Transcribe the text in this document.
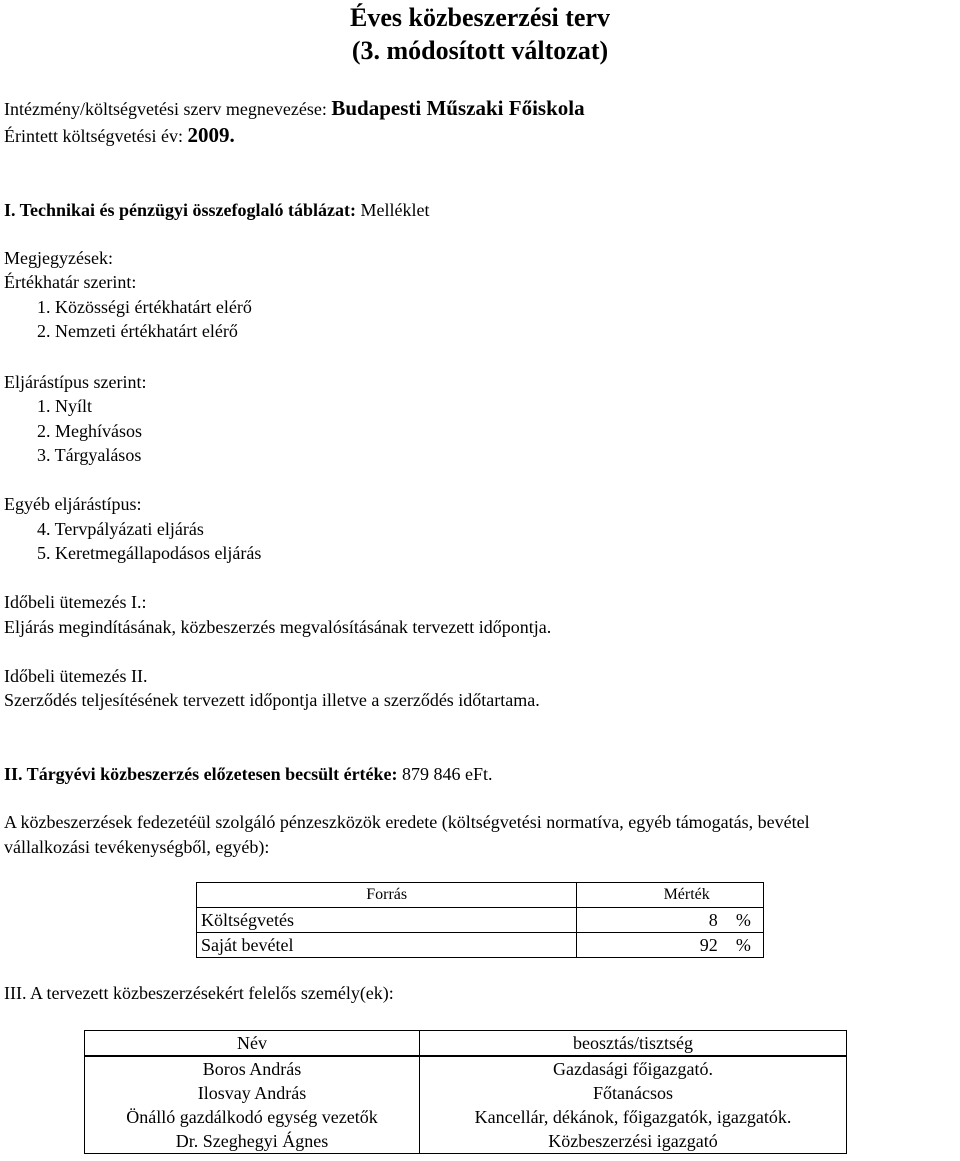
Éves közbeszerzési terv
(3. módosított változat)
Intézmény/költségvetési szerv megnevezése: Budapesti Műszaki Főiskola
Érintett költségvetési év: 2009.
I. Technikai és pénzügyi összefoglaló táblázat: Melléklet
Megjegyzések:
Értékhatár szerint:
1. Közösségi értékhatárt elérő
2. Nemzeti értékhatárt elérő
Eljárástípus szerint:
1. Nyílt
2. Meghívásos
3. Tárgyalásos
Egyéb eljárástípus:
4. Tervpályázati eljárás
5. Keretmegállapodásos eljárás
Időbeli ütemezés I.:
Eljárás megindításának, közbeszerzés megvalósításának tervezett időpontja.
Időbeli ütemezés II.
Szerződés teljesítésének tervezett időpontja illetve a szerződés időtartama.
II. Tárgyévi közbeszerzés előzetesen becsült értéke: 879 846 eFt.
A közbeszerzések fedezetéül szolgáló pénzeszközök eredete (költségvetési normatíva, egyéb támogatás, bevétel
vállalkozási tevékenységből, egyéb):
Forrás	Mérték	
Költségvetés	8	%
Saját bevétel	92	%
III. A tervezett közbeszerzésekért felelős személy(ek):
Név	beosztás/tisztség
Boros András	Gazdasági főigazgató.
Ilosvay András	Főtanácsos
Önálló gazdálkodó egység vezetők	Kancellár, dékánok, főigazgatók, igazgatók.
Dr. Szeghegyi Ágnes	Közbeszerzési igazgató
